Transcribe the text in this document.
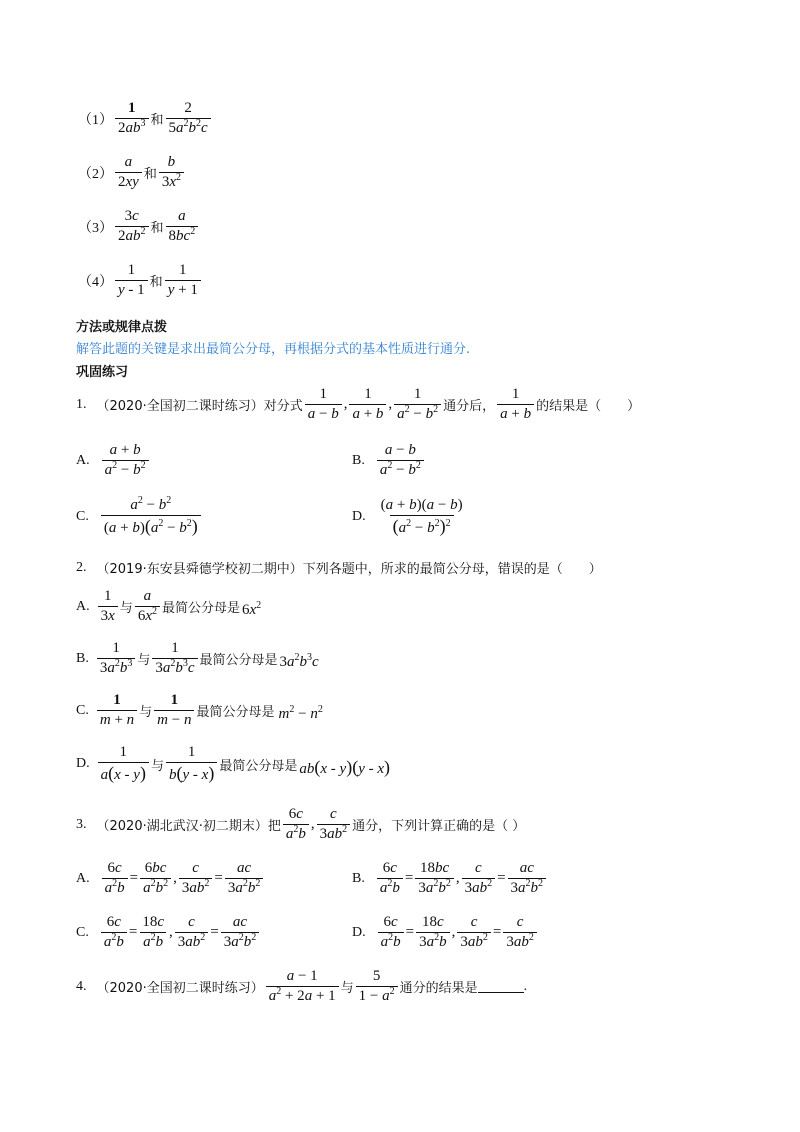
$(1) \frac{1}{2ab^3}$ 和 $\frac{2}{5a^2b^2c}$
$(2) \frac{a}{2xy}$ 和 $\frac{b}{3x^2}$
$(3) \frac{3c}{2ab^2}$ 和 $\frac{a}{8bc^2}$
$(4) \frac{1}{y - 1}$ 和 $\frac{1}{y + 1}$
方法或规律点拨
解答此题的关键是求出最简公分母，再根据分式的基本性质进行通分.
巩固练习
1. （2020·全国初二课时练习） 对分式 $\frac{1}{a - b}$ , $\frac{1}{a + b}$ , $\frac{1}{a^2 - b^2}$ 通分后， $\frac{1}{a + b}$ 的结果是（　　）
A. $\frac{a + b}{a^2 - b^2}$	B. $\frac{a - b}{a^2 - b^2}$
C. $\frac{a^2 - b^2}{(a + b)(a^2 - b^2)}$	D. $\frac{(a + b)(a - b)}{(a^2 - b^2)^2}$
2. （2019·东安县舜德学校初二期中） 下列各题中，所求的最简公分母，错误的是（　　）
A. $\frac{1}{3x}$ 与 $\frac{a}{6x^2}$ 最简公分母是 $6x^2$
B. $\frac{1}{3a^2b^3}$ 与 $\frac{1}{3a^2b^3c}$ 最简公分母是 $3a^2b^3c$
C. $\frac{1}{m + n}$ 与 $\frac{1}{m - n}$ 最简公分母是 $m^2 - n^2$
D. $\frac{1}{a(x - y)}$ 与 $\frac{1}{b(y - x)}$ 最简公分母是 ab(x - y)(y - x)
3. （2020·湖北武汉·初二期末） 把 $\frac{6c}{a^2b}$ , $\frac{c}{3ab^2}$ 通分，下列计算正确的是（ ）
A. $\frac{6c}{a^2b} = \frac{6bc}{a^2b^2}$ , $\frac{c}{3ab^2} = \frac{ac}{3a^2b^2}$	B. $\frac{6c}{a^2b} = \frac{18bc}{3a^2b^2}$ , $\frac{c}{3ab^2} = \frac{ac}{3a^2b^2}$
C. $\frac{6c}{a^2b} = \frac{18c}{a^2b}$ , $\frac{c}{3ab^2} = \frac{ac}{3a^2b^2}$	D. $\frac{6c}{a^2b} = \frac{18c}{3a^2b}$ , $\frac{c}{3ab^2} = \frac{c}{3ab^2}$
4. （2020·全国初二课时练习） $\frac{a - 1}{a^2 + 2a + 1}$ 与 $\frac{5}{1 - a^2}$ 通分的结果是	.
